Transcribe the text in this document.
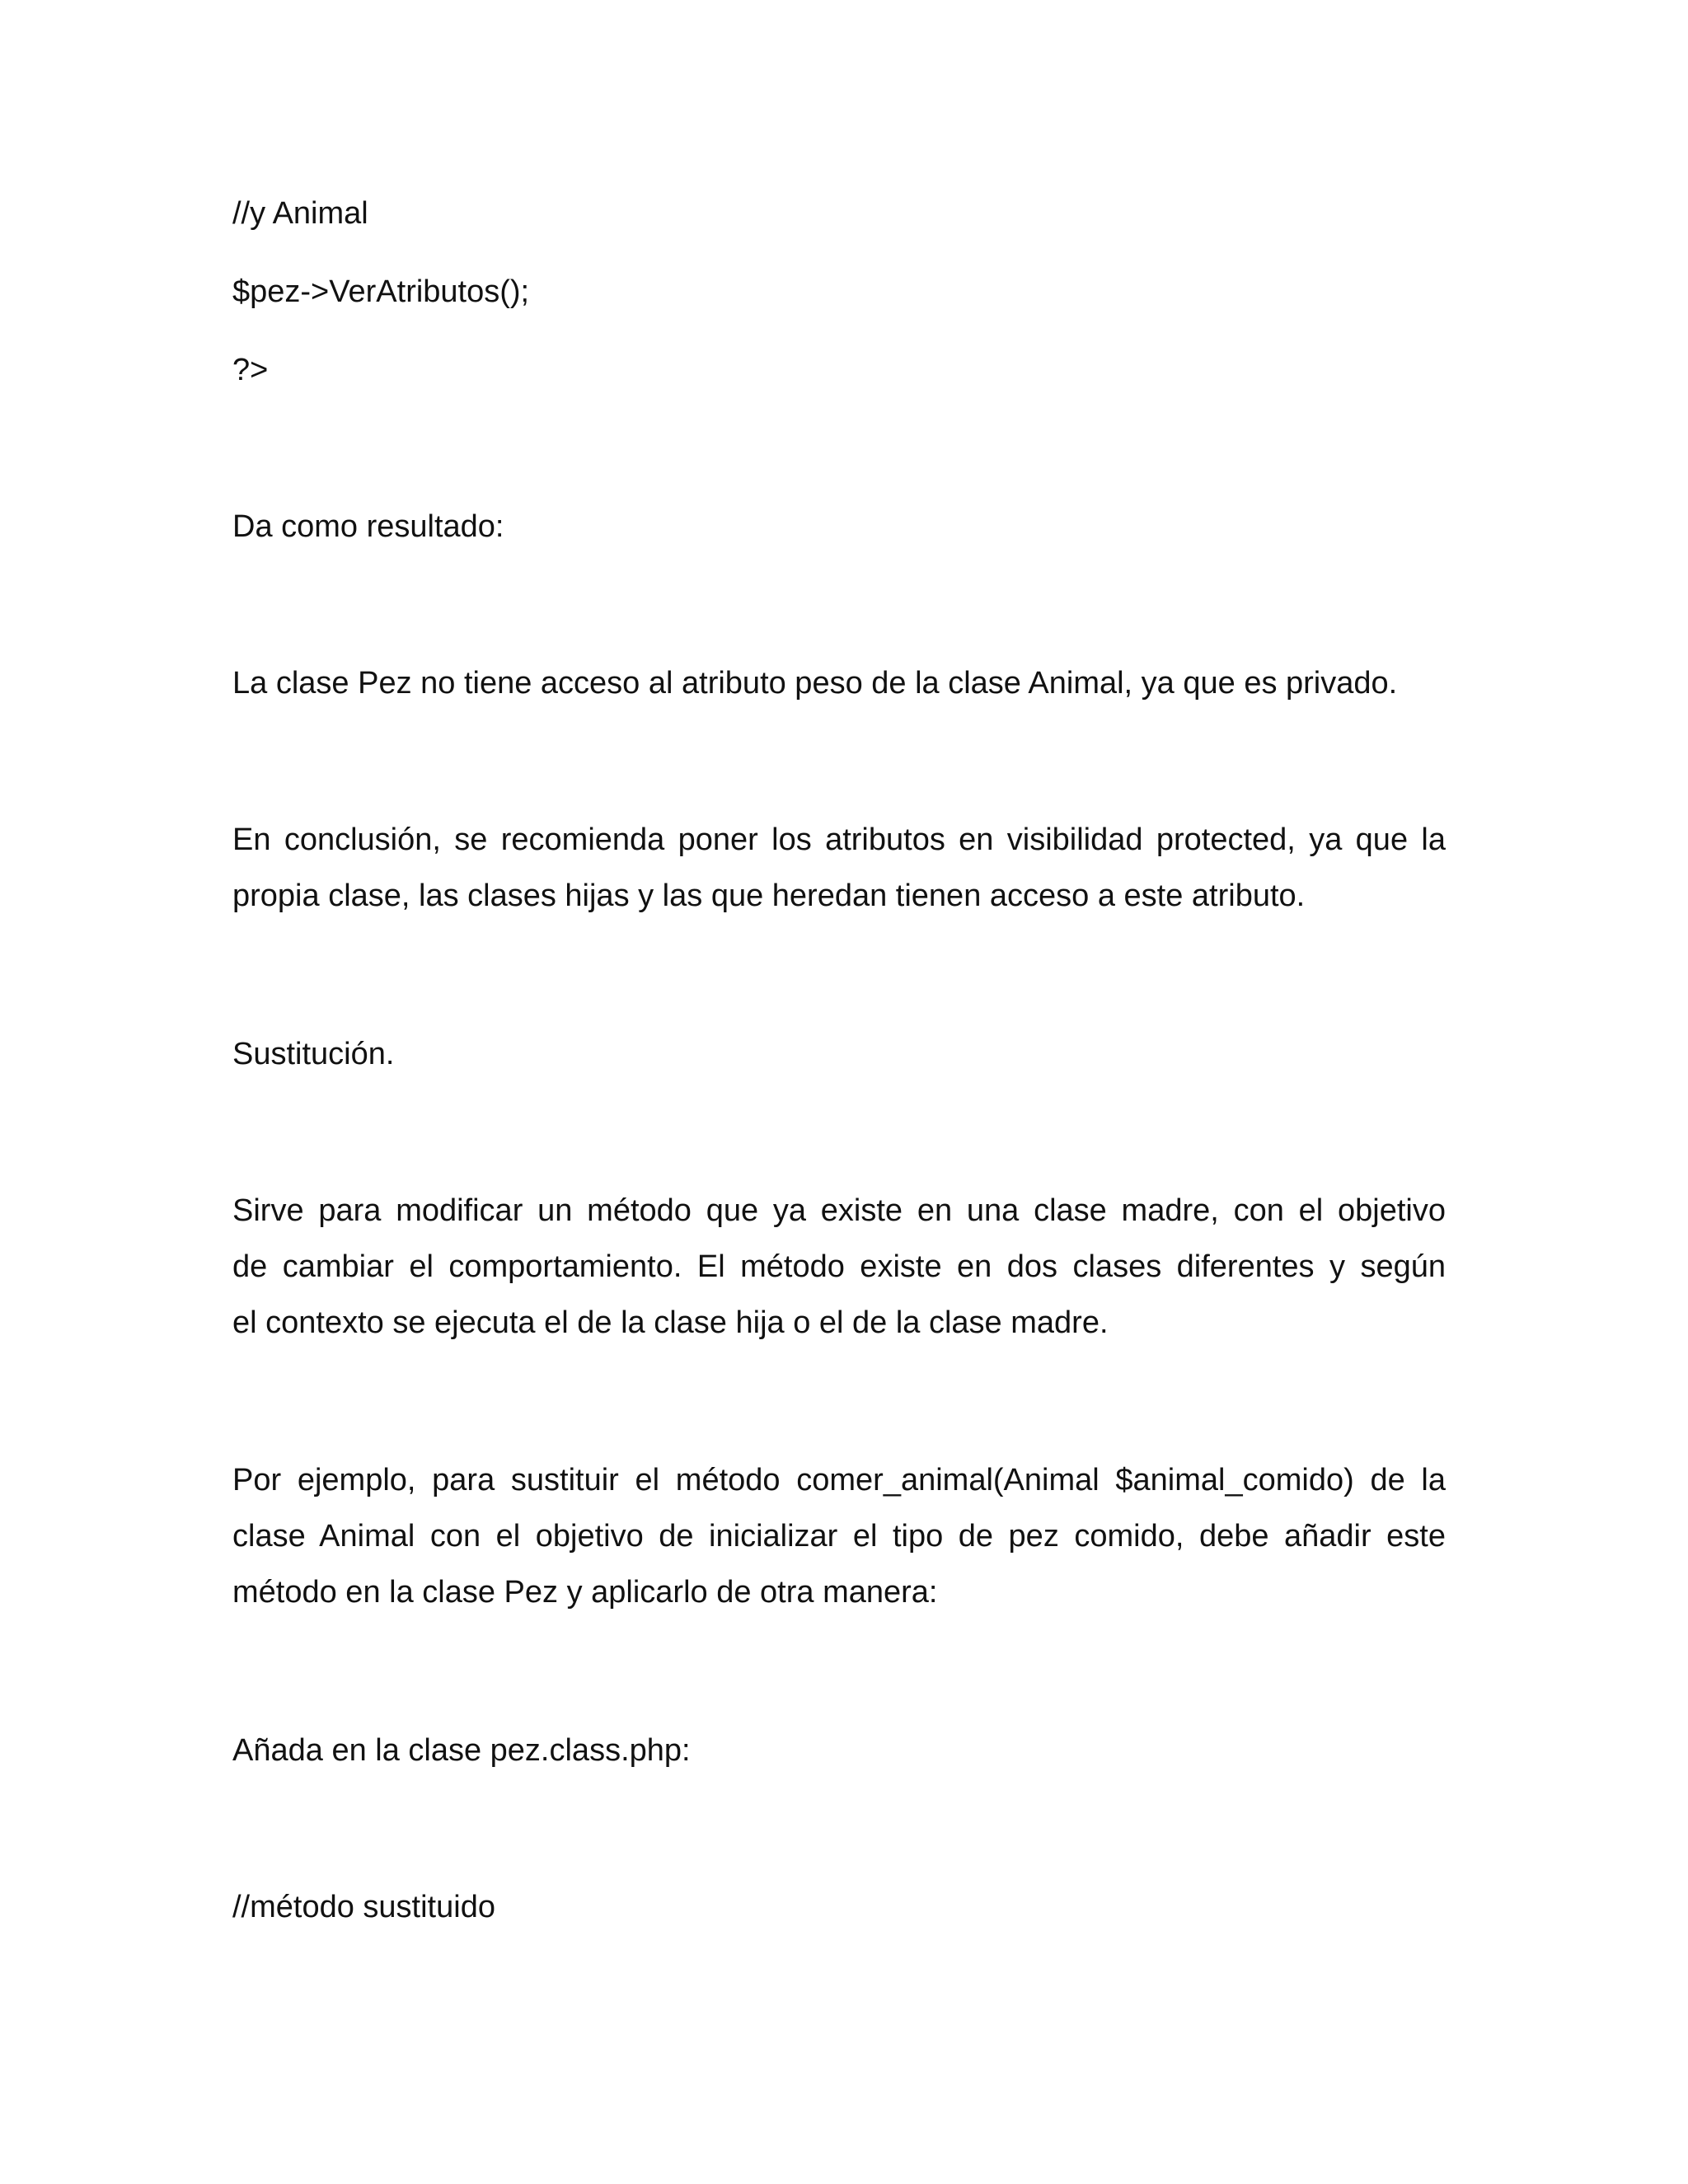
//y Animal

$pez->VerAtributos();

?>

Da como resultado:

La clase Pez no tiene acceso al atributo peso de la clase Animal, ya que es privado.

En conclusión, se recomienda poner los atributos en visibilidad protected, ya que la
propia clase, las clases hijas y las que heredan tienen acceso a este atributo.

Sustitución.

Sirve para modificar un método que ya existe en una clase madre, con el objetivo
de cambiar el comportamiento. El método existe en dos clases diferentes y según
el contexto se ejecuta el de la clase hija o el de la clase madre.
Por ejemplo, para sustituir el método comer_animal(Animal $animal_comido) de la
clase Animal con el objetivo de inicializar el tipo de pez comido, debe añadir este
método en la clase Pez y aplicarlo de otra manera:

Añada en la clase pez.class.php:

//método sustituido
